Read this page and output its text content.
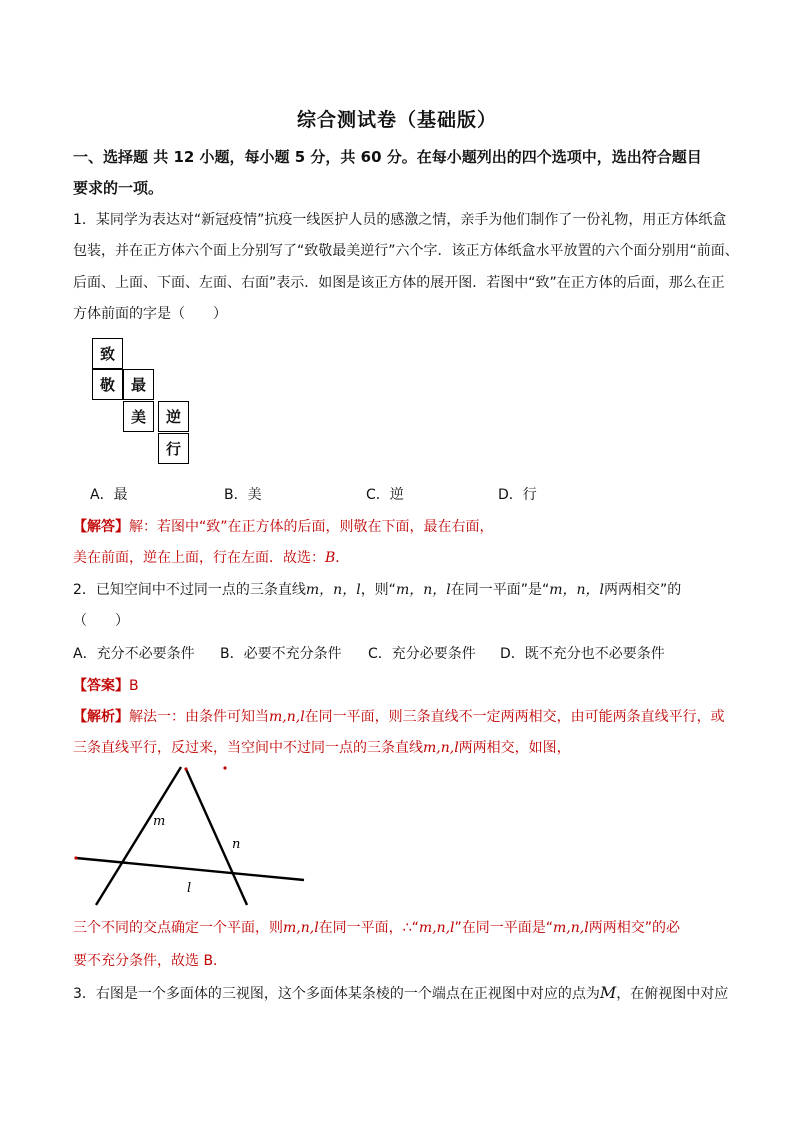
综合测试卷（基础版）
一、选择题 共 12 小题，每小题 5 分，共 60 分。在每小题列出的四个选项中，选出符合题目
要求的一项。
1．某同学为表达对“新冠疫情”抗疫一线医护人员的感激之情，亲手为他们制作了一份礼物，用正方体纸盒
包装，并在正方体六个面上分别写了“致敬最美逆行”六个字．该正方体纸盒水平放置的六个面分别用“前面、
后面、上面、下面、左面、右面”表示．如图是该正方体的展开图．若图中“致”在正方体的后面，那么在正
方体前面的字是（　　）
致
敬	最
美	逆
行
A．最	B．美	C．逆	D．行
【解答】解：若图中“致”在正方体的后面，则敬在下面，最在右面，
美在前面，逆在上面，行在左面．故选：B．
2．已知空间中不过同一点的三条直线m，n，l，则“m，n，l在同一平面”是“m，n，l两两相交”的
（　　）
A．充分不必要条件 B．必要不充分条件 C．充分必要条件 D．既不充分也不必要条件
【答案】B
【解析】解法一：由条件可知当m,n,l在同一平面，则三条直线不一定两两相交，由可能两条直线平行，或
三条直线平行，反过来，当空间中不过同一点的三条直线m,n,l两两相交，如图，
m
n
l
三个不同的交点确定一个平面，则m,n,l在同一平面，∴“m,n,l”在同一平面是“m,n,l两两相交”的必
要不充分条件，故选 B．
3．右图是一个多面体的三视图，这个多面体某条棱的一个端点在正视图中对应的点为M，在俯视图中对应
